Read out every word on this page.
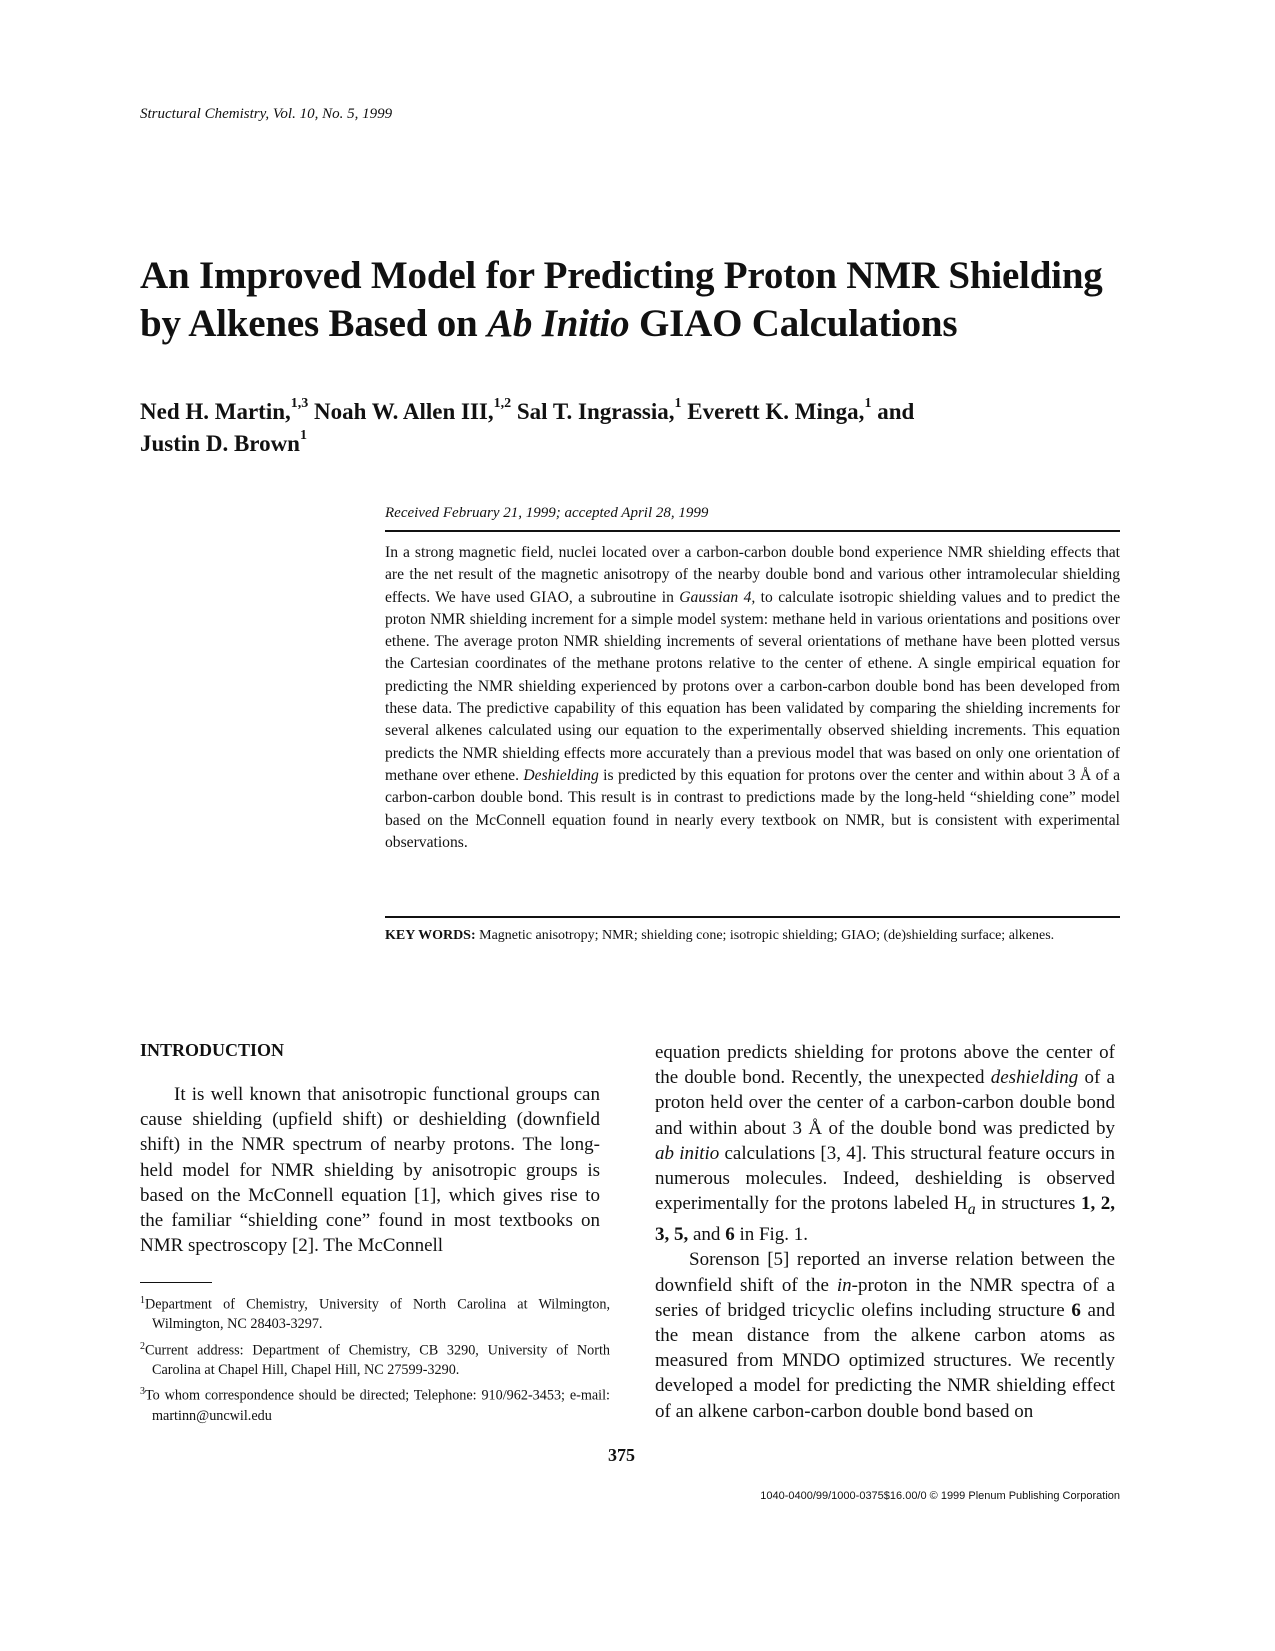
Structural Chemistry, Vol. 10, No. 5, 1999
An Improved Model for Predicting Proton NMR Shielding
by Alkenes Based on Ab Initio GIAO Calculations
Ned H. Martin,$^{1,3}$ Noah W. Allen III,$^{1,2}$ Sal T. Ingrassia,$^1$ Everett K. Minga,$^1$ and
Justin D. Brown$^1$
Received February 21, 1999; accepted April 28, 1999
In a strong magnetic field, nuclei located over a carbon-carbon double bond experience NMR shielding effects that are the net result of the magnetic anisotropy of the nearby double bond and various other intramolecular shielding effects. We have used GIAO, a subroutine in Gaussian 4, to calculate isotropic shielding values and to predict the proton NMR shielding increment for a simple model system: methane held in various orientations and positions over ethene. The average proton NMR shielding increments of several orientations of methane have been plotted versus the Cartesian coordinates of the methane protons relative to the center of ethene. A single empirical equation for predicting the NMR shielding experienced by protons over a carbon-carbon double bond has been developed from these data. The predictive capability of this equation has been validated by comparing the shielding increments for several alkenes calculated using our equation to the experimentally observed shielding increments. This equation predicts the NMR shielding effects more accurately than a previous model that was based on only one orientation of methane over ethene. Deshielding is predicted by this equation for protons over the center and within about 3 Å of a carbon-carbon double bond. This result is in contrast to predictions made by the long-held “shielding cone” model based on the McConnell equation found in nearly every textbook on NMR, but is consistent with experimental observations.
KEY WORDS: Magnetic anisotropy; NMR; shielding cone; isotropic shielding; GIAO; (de)shielding surface; alkenes.
INTRODUCTION

It is well known that anisotropic functional groups can cause shielding (upfield shift) or deshielding (downfield shift) in the NMR spectrum of nearby protons. The long-held model for NMR shielding by anisotropic groups is based on the McConnell equation [1], which gives rise to the familiar “shielding cone” found in most textbooks on NMR spectroscopy [2]. The McConnell

equation predicts shielding for protons above the center of the double bond. Recently, the unexpected deshielding of a proton held over the center of a carbon-carbon double bond and within about 3 Å of the double bond was predicted by ab initio calculations [3, 4]. This structural feature occurs in numerous molecules. Indeed, deshielding is observed experimentally for the protons labeled $H_a$ in structures 1, 2, 3, 5, and 6 in Fig. 1.

Sorenson [5] reported an inverse relation between the downfield shift of the in-proton in the NMR spectra of a series of bridged tricyclic olefins including structure 6 and the mean distance from the alkene carbon atoms as measured from MNDO optimized structures. We recently developed a model for predicting the NMR shielding effect of an alkene carbon-carbon double bond based on

$^1$Department of Chemistry, University of North Carolina at Wilmington, Wilmington, NC 28403-3297.
$^2$Current address: Department of Chemistry, CB 3290, University of North Carolina at Chapel Hill, Chapel Hill, NC 27599-3290.
$^3$To whom correspondence should be directed; Telephone: 910/962-3453; e-mail: martinn@uncwil.edu
375
1040-0400/99/1000-0375$16.00/0 © 1999 Plenum Publishing Corporation
